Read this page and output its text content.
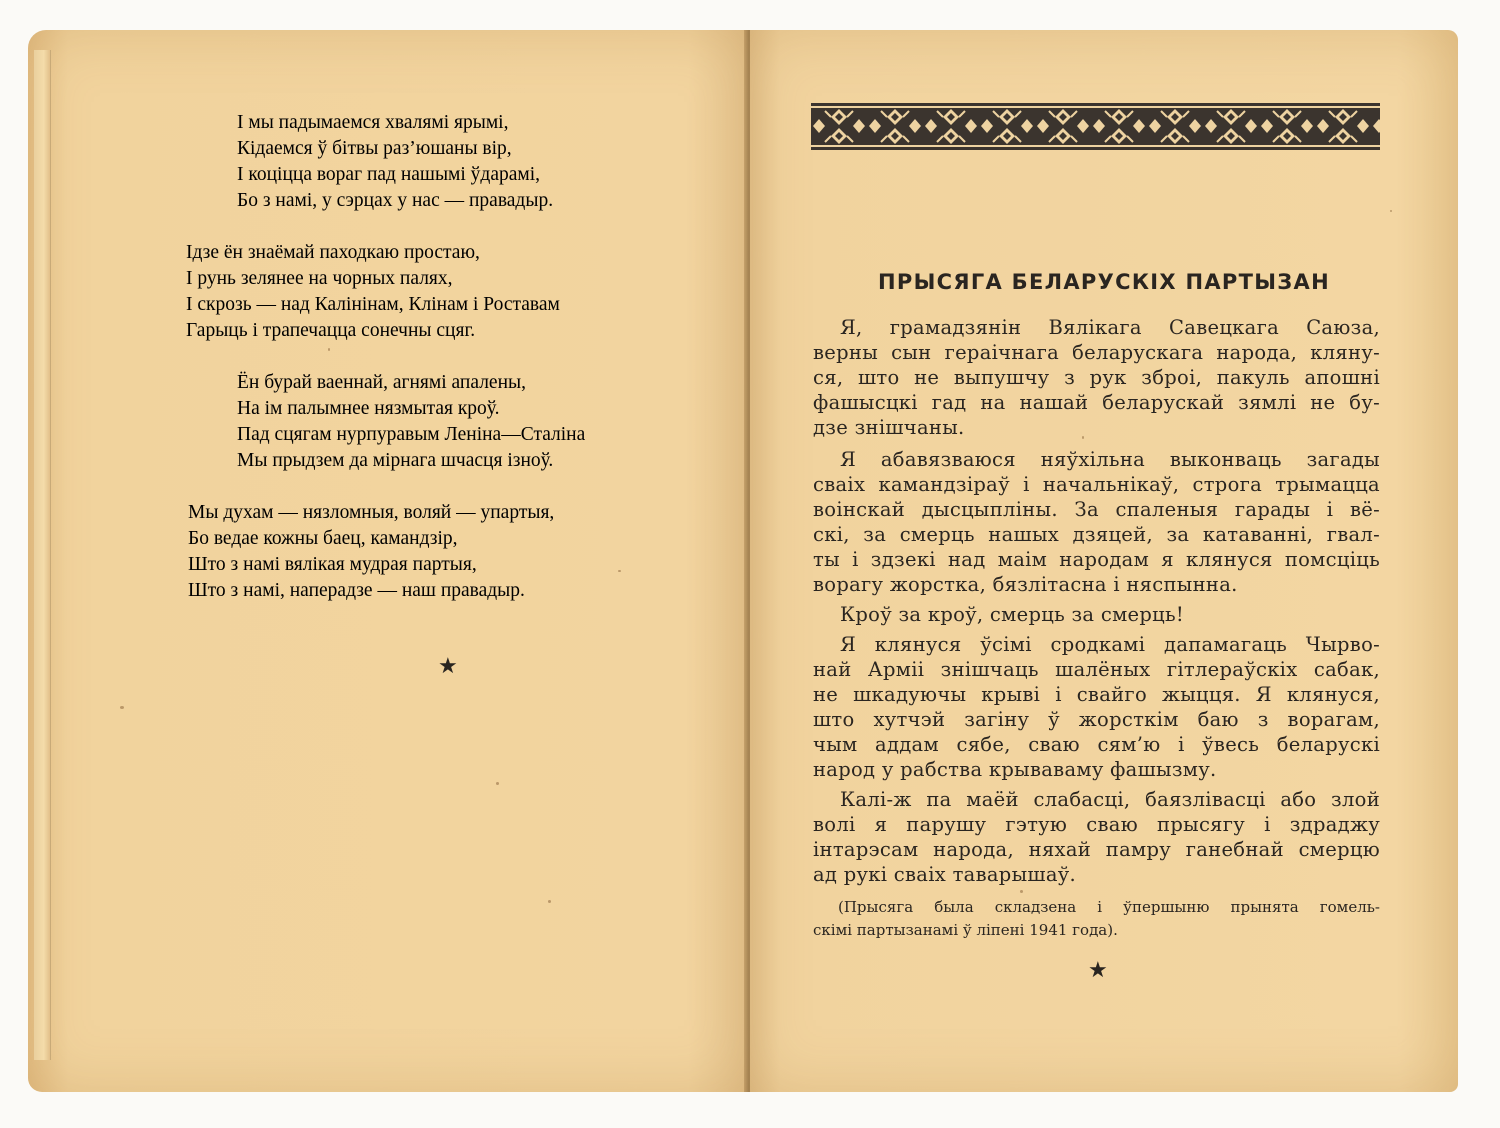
І мы падымаемся хвалямі ярымі,
Кідаемся ў бітвы раз’юшаны вір,
І коціцца вораг пад нашымі ўдарамі,
Бо з намі, у сэрцах у нас — правадыр.
Ідзе ён знаёмай паходкаю простаю,
І рунь зелянее на чорных палях,
І скрозь — над Калінінам, Клінам і Роставам
Гарыць і трапечацца сонечны сцяг.
Ён бурай ваеннай, агнямі апалены,
На ім палымнее нязмытая кроў.
Пад сцягам нурпуравым Леніна—Сталіна
Мы прыдзем да мірнага шчасця ізноў.
Мы духам — нязломныя, воляй — упартыя,
Бо ведае кожны баец, камандзір,
Што з намі вялікая мудрая партыя,
Што з намі, наперадзе — наш правадыр.
★
ПРЫСЯГА БЕЛАРУСКІХ ПАРТЫЗАН
Я, грамадзянін Вялікага Савецкага Саюза,
верны сын гераічнага беларускага народа, кляну-
ся, што не выпушчу з рук зброі, пакуль апошні
фашысцкі гад на нашай беларускай зямлі не бу-
дзе знішчаны.
Я абавязваюся няўхільна выконваць загады
сваіх камандзіраў і начальнікаў, строга трымацца
воінскай дысцыпліны. За спаленыя гарады і вё-
скі, за смерць нашых дзяцей, за катаванні, гвал-
ты і здзекі над маім народам я клянуся помсціць
ворагу жорстка, бязлітасна і няспынна.
Кроў за кроў, смерць за смерць!
Я клянуся ўсімі сродкамі дапамагаць Чырво-
най Арміі знішчаць шалёных гітлераўскіх сабак,
не шкадуючы крыві і свайго жыцця. Я клянуся,
што хутчэй загіну ў жорсткім баю з ворагам,
чым аддам сябе, сваю сям’ю і ўвесь беларускі
народ у рабства крываваму фашызму.
Калі-ж па маёй слабасці, баязлівасці або злой
волі я парушу гэтую сваю прысягу і здраджу
інтарэсам народа, няхай памру ганебнай смерцю
ад рукі сваіх таварышаў.
(Прысяга была складзена і ўпершыню прынята гомель-
скімі партызанамі ў ліпені 1941 года).
★
